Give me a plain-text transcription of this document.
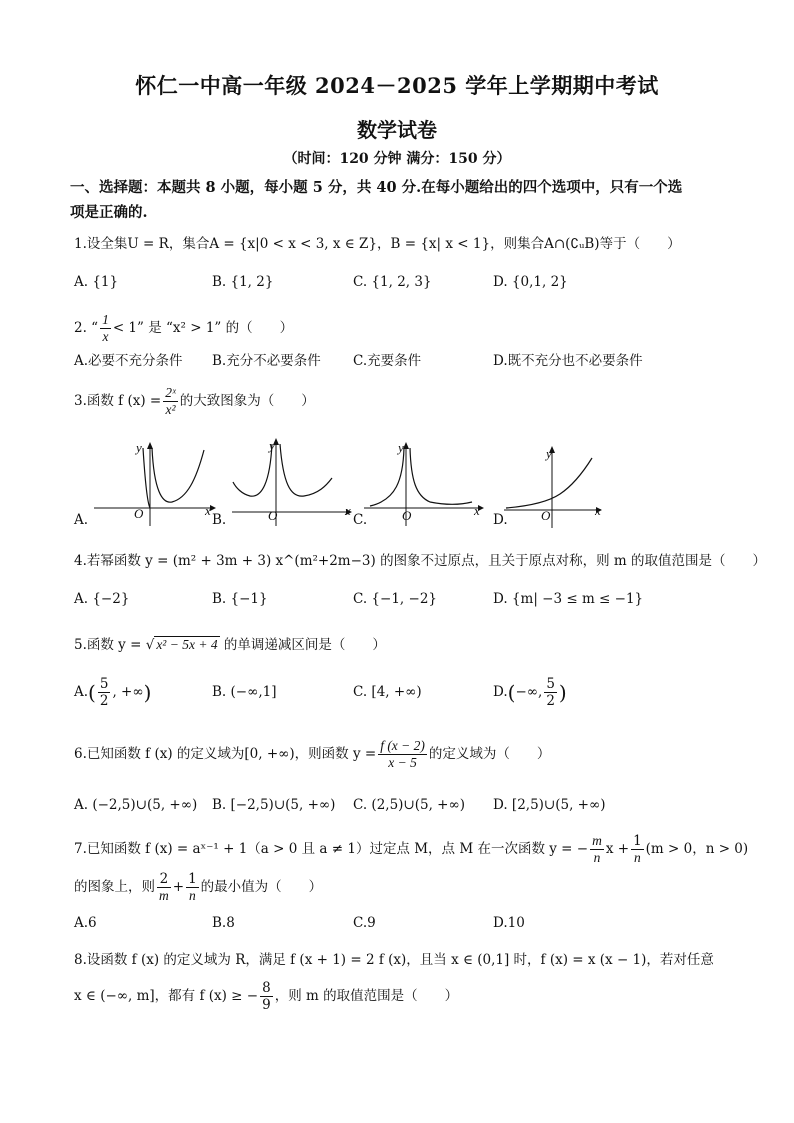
怀仁一中高一年级 2024－2025 学年上学期期中考试
数学试卷
（时间：120 分钟 满分：150 分）
一、选择题：本题共 8 小题，每小题 5 分，共 40 分.在每小题给出的四个选项中，只有一个选
项是正确的.
1.设全集U = R，集合A = {x|0 < x < 3, x ∈ Z}，B = {x| x < 1}，则集合A∩(∁ᵤB)等于（　　）
A. {1}	B. {1, 2}	C. {1, 2, 3}	D. {0,1, 2}
2. “ $\frac{1}{x} < 1$” 是 “x² > 1” 的（　　）
A.必要不充分条件 B.充分不必要条件 C.充要条件	D.既不充分也不必要条件
3.函数 f $(x) = \frac{\text{2ˣ}}{\text{x²}}$ 的大致图象为（　　）
y
O	x
y
O	x
y
O	x
y
O	x
A.	B.	C.	D.
4.若幂函数 y = (m² + 3m + 3) x^(m²+2m−3) 的图象不过原点，且关于原点对称，则 m 的取值范围是（　　）
A. {−2}	B. {−1}	C. {−1, −2}	D. {m| −3 ≤ m ≤ −1}
5.函数 y = √ x² − 5x + 4 的单调递减区间是（　　）
$A.( \frac{5}{2}$ , +∞)	B. (−∞,1]	C. [4, +∞)	D.(−∞, $\frac{5}{2}$ )
6.已知函数 f (x) 的定义域为[0, +∞)，则函数 $y = \frac{f (x - 2)}{x - 5}$ 的定义域为（　　）
A. (−2,5)∪(5, +∞) B. [−2,5)∪(5, +∞) C. (2,5)∪(5, +∞) D. [2,5)∪(5, +∞)
7.已知函数 f (x) = aˣ⁻¹ + 1（a > 0 且 a ≠ 1）过定点 M，点 M 在一次函数 y = − $\frac{m}{n}$ $x + \frac{1}{n} (m > 0$，n > 0)
的图象上，则 $\frac{2}{m} + \frac{1}{n}$ 的最小值为（　　）
A.6	B.8	C.9	D.10
8.设函数 f (x) 的定义域为 R，满足 f (x + 1) = 2 f (x)，且当 x ∈ (0,1] 时，f (x) = x (x − 1)，若对任意
x ∈ (−∞, m]，都有 f (x) ≥ − $\frac{8}{9}$ ，则 m 的取值范围是（　　）
